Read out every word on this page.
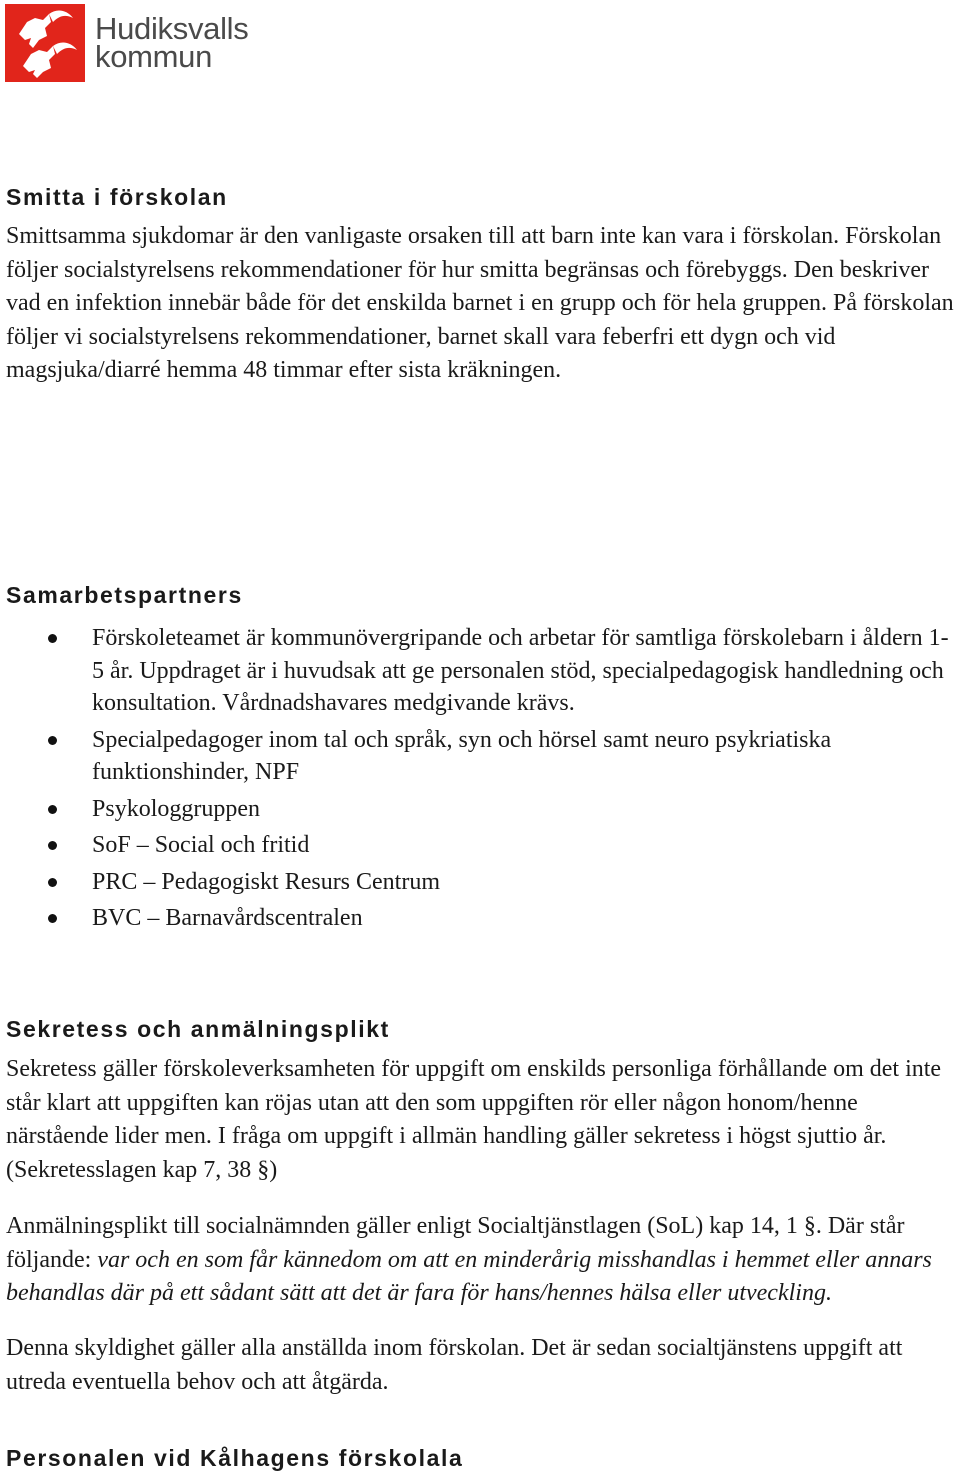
Hudiksvalls
kommun
Smitta i förskolan

Smittsamma sjukdomar är den vanligaste orsaken till att barn inte kan vara i förskolan. Förskolan följer socialstyrelsens rekommendationer för hur smitta begränsas och förebyggs. Den beskriver vad en infektion innebär både för det enskilda barnet i en grupp och för hela gruppen. På förskolan följer vi socialstyrelsens rekommendationer, barnet skall vara feberfri ett dygn och vid magsjuka/diarré hemma 48 timmar efter sista kräkningen.

Samarbetspartners
Förskoleteamet är kommunövergripande och arbetar för samtliga förskolebarn i åldern 1-5 år. Uppdraget är i huvudsak att ge personalen stöd, specialpedagogisk handledning och konsultation. Vårdnadshavares medgivande krävs.
Specialpedagoger inom tal och språk, syn och hörsel samt neuro psykriatiska funktionshinder, NPF
Psykologgruppen
SoF – Social och fritid
PRC – Pedagogiskt Resurs Centrum
BVC – Barnavårdscentralen
Sekretess och anmälningsplikt

Sekretess gäller förskoleverksamheten för uppgift om enskilds personliga förhållande om det inte står klart att uppgiften kan röjas utan att den som uppgiften rör eller någon honom/henne närstående lider men. I fråga om uppgift i allmän handling gäller sekretess i högst sjuttio år. (Sekretesslagen kap 7, 38 §)

Anmälningsplikt till socialnämnden gäller enligt Socialtjänstlagen (SoL) kap 14, 1 §. Där står följande: var och en som får kännedom om att en minderårig misshandlas i hemmet eller annars behandlas där på ett sådant sätt att det är fara för hans/hennes hälsa eller utveckling.

Denna skyldighet gäller alla anställda inom förskolan. Det är sedan socialtjänstens uppgift att utreda eventuella behov och att åtgärda.

Personalen vid Kålhagens förskolala
